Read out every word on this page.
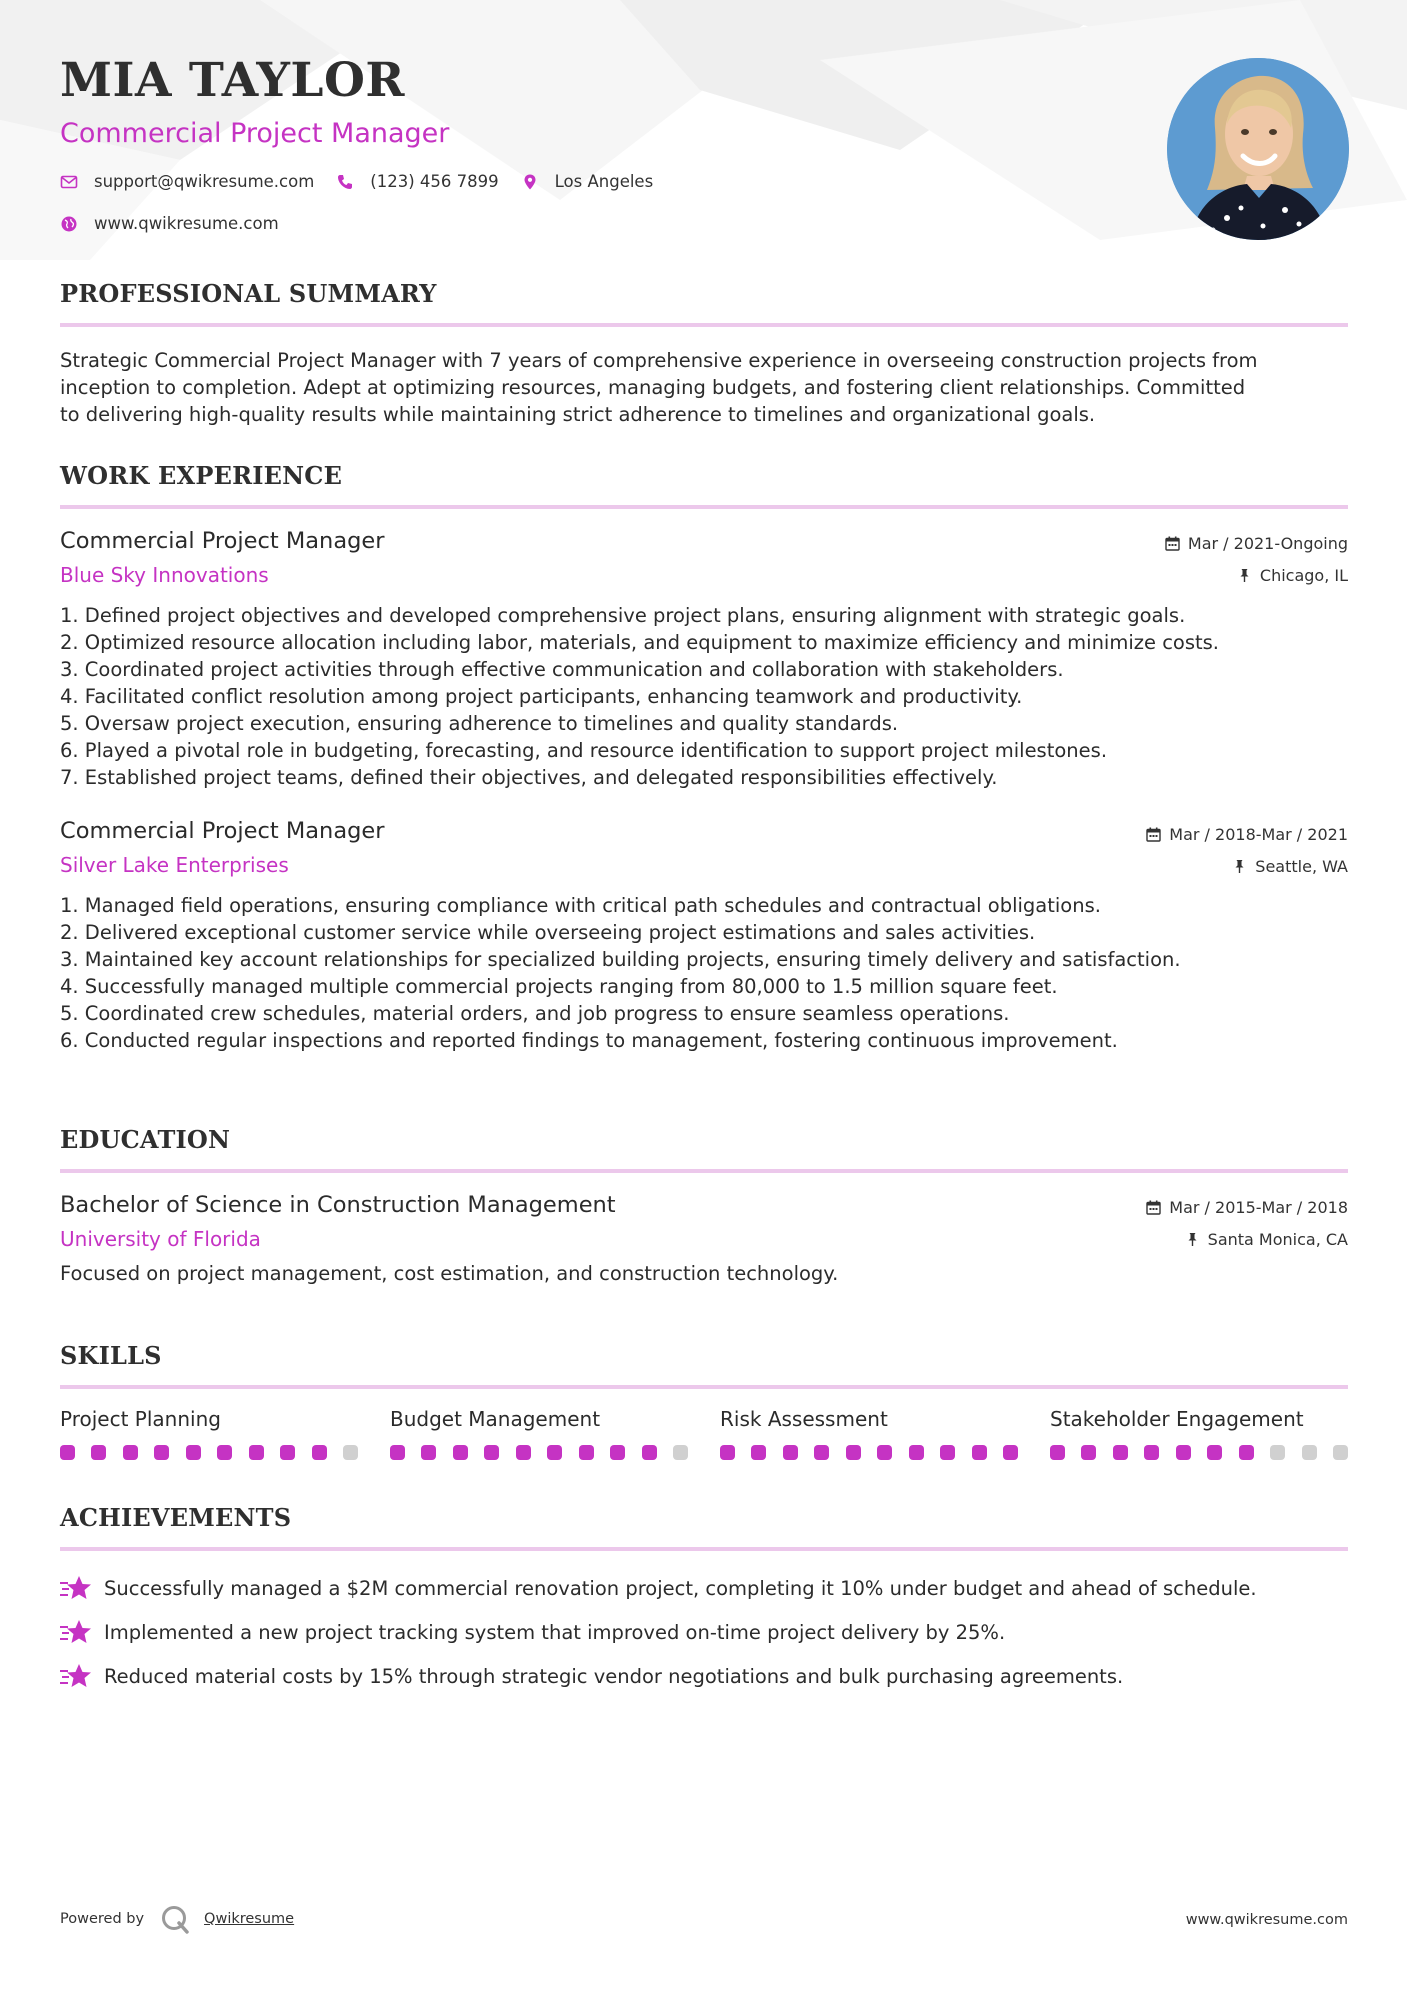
MIA TAYLOR
Commercial Project Manager
support@qwikresume.com	(123) 456 7899	Los Angeles
www.qwikresume.com
PROFESSIONAL SUMMARY

Strategic Commercial Project Manager with 7 years of comprehensive experience in overseeing construction projects from
inception to completion. Adept at optimizing resources, managing budgets, and fostering client relationships. Committed
to delivering high-quality results while maintaining strict adherence to timelines and organizational goals.

WORK EXPERIENCE
Commercial Project Manager
Blue Sky Innovations
Mar / 2021-Ongoing
Chicago, IL
1. Defined project objectives and developed comprehensive project plans, ensuring alignment with strategic goals.
2. Optimized resource allocation including labor, materials, and equipment to maximize efficiency and minimize costs.
3. Coordinated project activities through effective communication and collaboration with stakeholders.
4. Facilitated conflict resolution among project participants, enhancing teamwork and productivity.
5. Oversaw project execution, ensuring adherence to timelines and quality standards.
6. Played a pivotal role in budgeting, forecasting, and resource identification to support project milestones.
7. Established project teams, defined their objectives, and delegated responsibilities effectively.
Commercial Project Manager
Silver Lake Enterprises
Mar / 2018-Mar / 2021
Seattle, WA
1. Managed field operations, ensuring compliance with critical path schedules and contractual obligations.
2. Delivered exceptional customer service while overseeing project estimations and sales activities.
3. Maintained key account relationships for specialized building projects, ensuring timely delivery and satisfaction.
4. Successfully managed multiple commercial projects ranging from 80,000 to 1.5 million square feet.
5. Coordinated crew schedules, material orders, and job progress to ensure seamless operations.
6. Conducted regular inspections and reported findings to management, fostering continuous improvement.
EDUCATION
Bachelor of Science in Construction Management
University of Florida
Mar / 2015-Mar / 2018
Santa Monica, CA
Focused on project management, cost estimation, and construction technology.
SKILLS
Project Planning	Budget Management	Risk Assessment	Stakeholder Engagement
ACHIEVEMENTS
Successfully managed a $2M commercial renovation project, completing it 10% under budget and ahead of schedule.
Implemented a new project tracking system that improved on-time project delivery by 25%.
Reduced material costs by 15% through strategic vendor negotiations and bulk purchasing agreements.
Powered by	Qwikresume	www.qwikresume.com
